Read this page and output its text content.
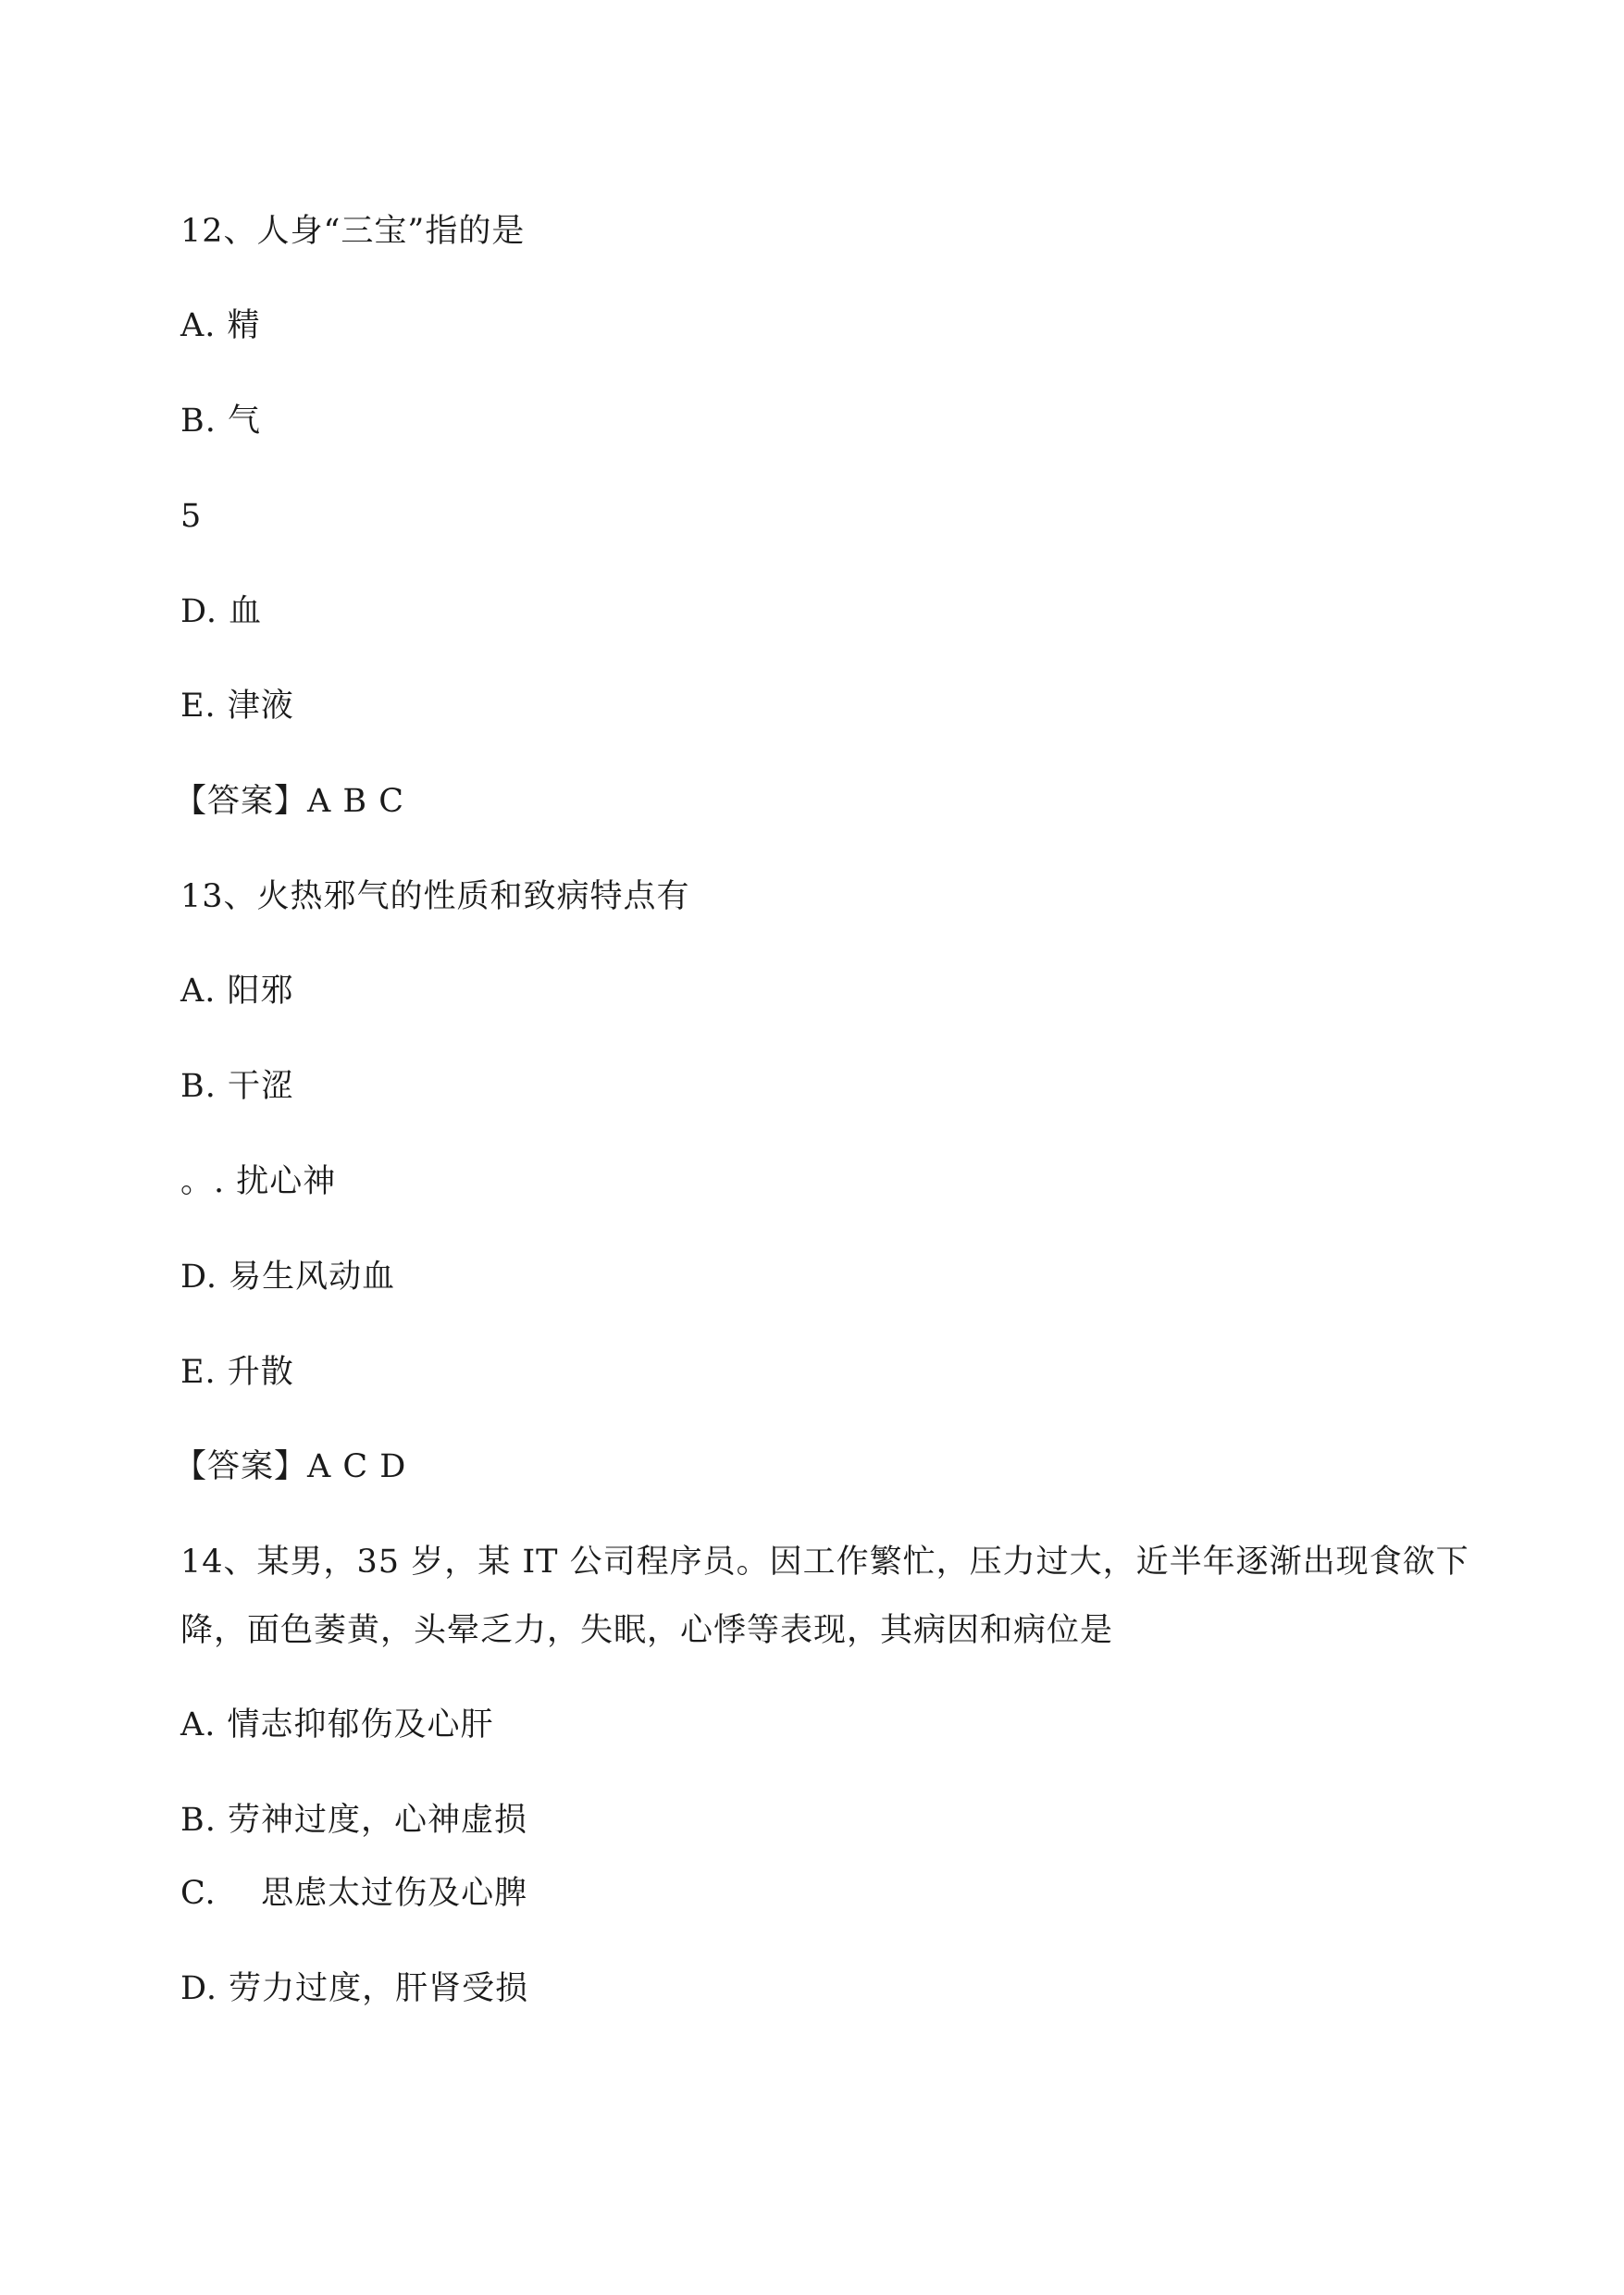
12、人身“三宝”指的是
A. 精
B. 气
5
D. 血
E. 津液
【答案】A B C
13、火热邪气的性质和致病特点有
A. 阳邪
B. 干涩
。. 扰心神
D. 易生风动血
E. 升散
【答案】A C D
14、某男，35 岁，某 IT 公司程序员。因工作繁忙，压力过大，近半年逐渐出现食欲下
降，面色萎黄，头晕乏力，失眠，心悸等表现，其病因和病位是
A. 情志抑郁伤及心肝
B. 劳神过度，心神虚损
C.    思虑太过伤及心脾
D. 劳力过度，肝肾受损
